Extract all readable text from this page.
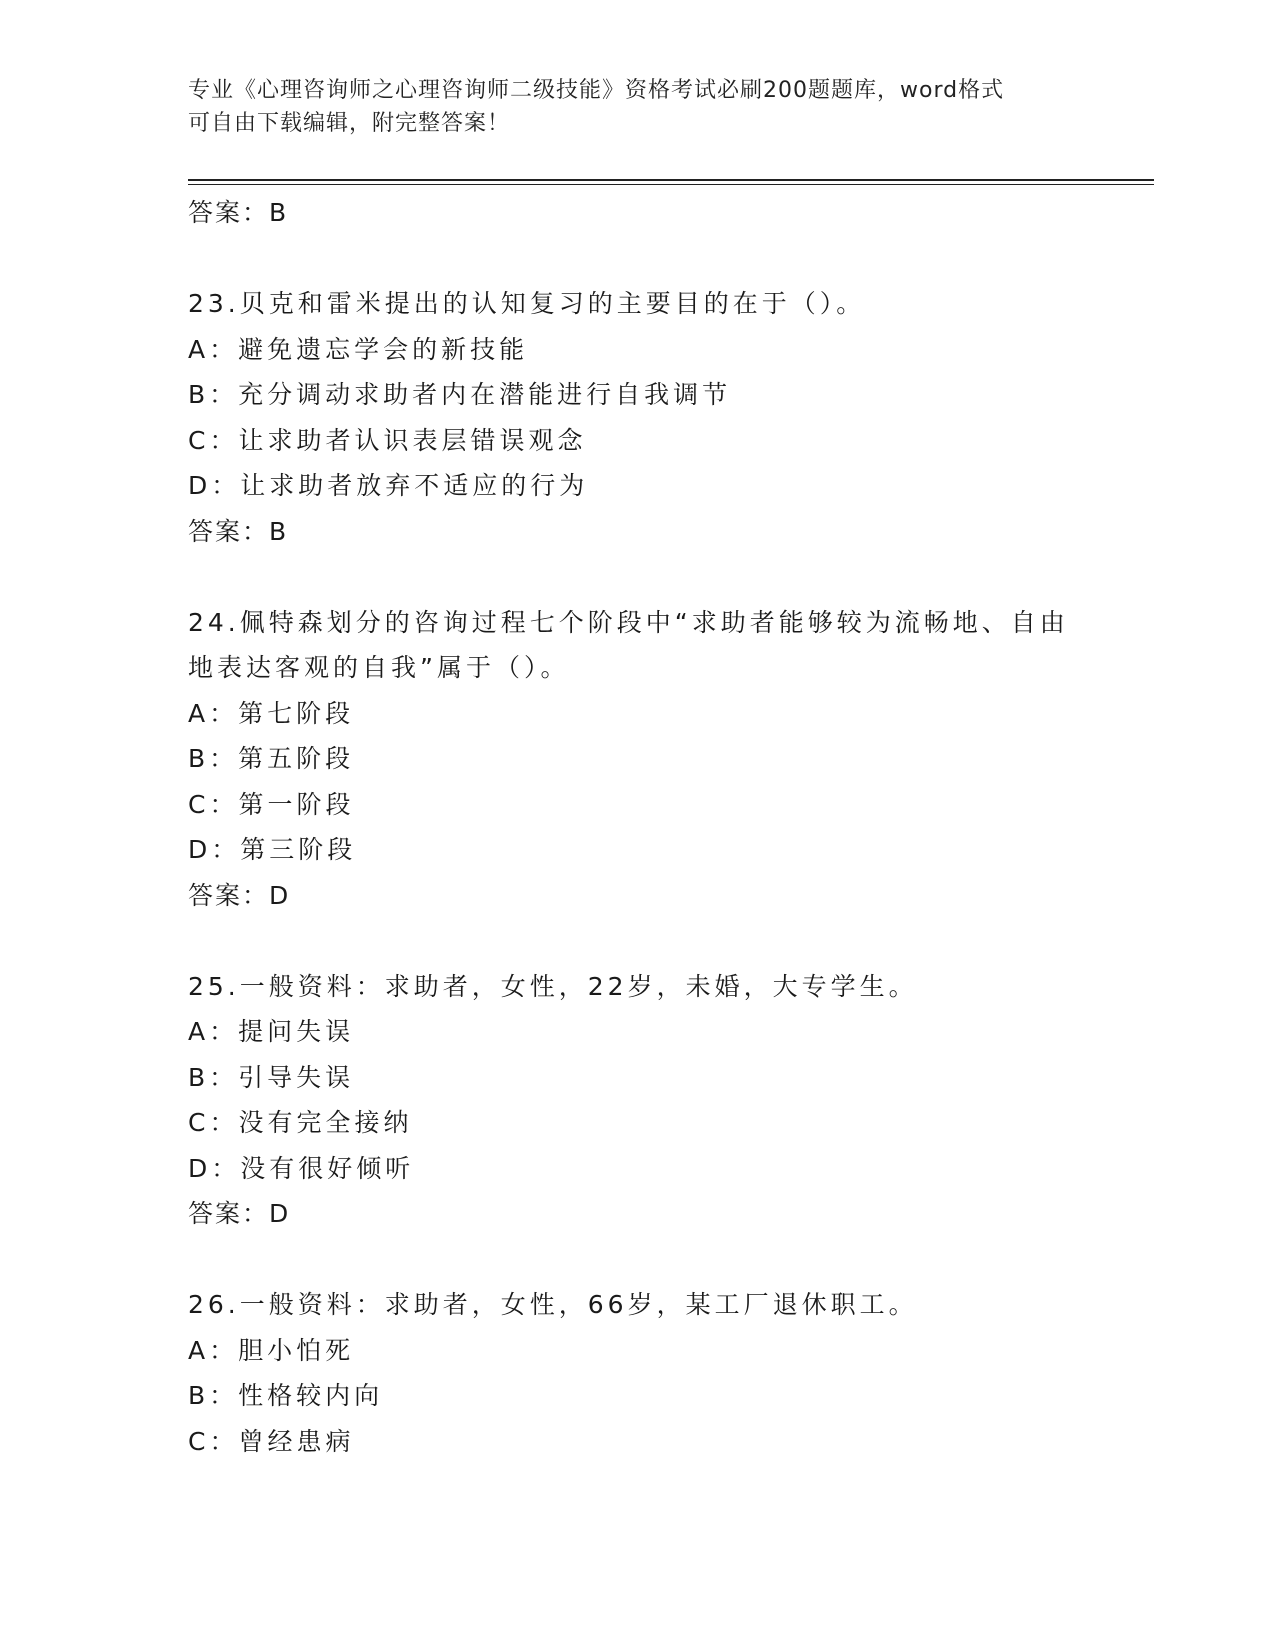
专业《心理咨询师之心理咨询师二级技能》资格考试必刷200题题库，word格式
可自由下载编辑，附完整答案！
答案：B
23.贝克和雷米提出的认知复习的主要目的在于（）。
A：避免遗忘学会的新技能
B：充分调动求助者内在潜能进行自我调节
C：让求助者认识表层错误观念
D：让求助者放弃不适应的行为
答案：B
24.佩特森划分的咨询过程七个阶段中“求助者能够较为流畅地、自由
地表达客观的自我”属于（）。
A：第七阶段
B：第五阶段
C：第一阶段
D：第三阶段
答案：D
25.一般资料：求助者，女性，22岁，未婚，大专学生。
A：提问失误
B：引导失误
C：没有完全接纳
D：没有很好倾听
答案：D
26.一般资料：求助者，女性，66岁，某工厂退休职工。
A：胆小怕死
B：性格较内向
C：曾经患病
